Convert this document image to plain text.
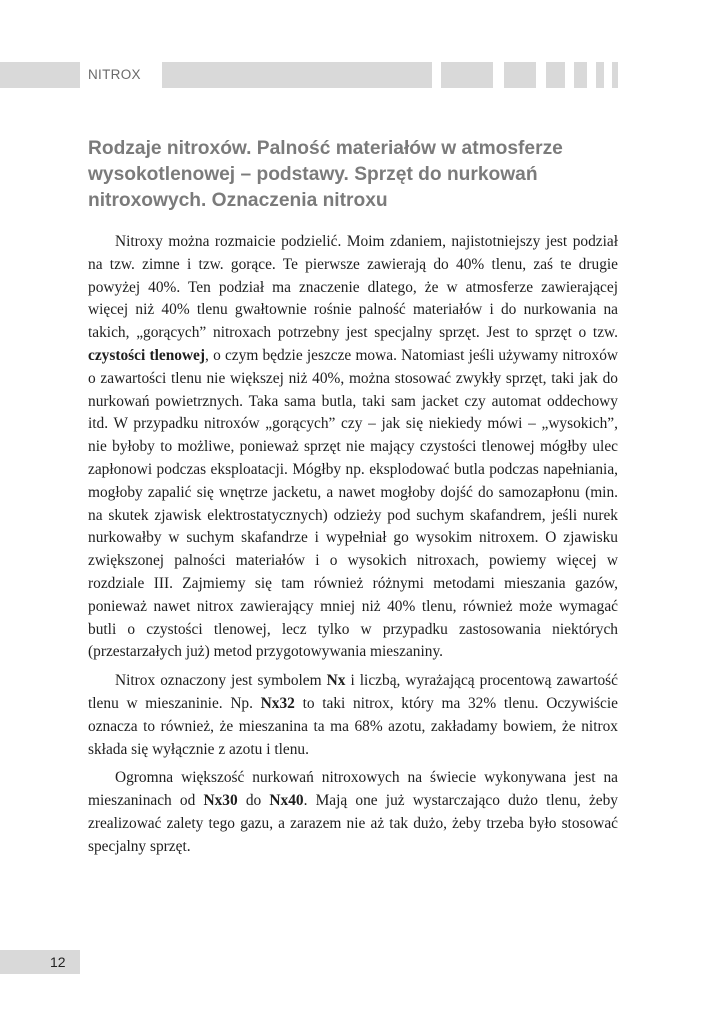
NITROX
Rodzaje nitroxów. Palność materiałów w atmosferze wysokotlenowej – podstawy. Sprzęt do nurkowań nitroxowych. Oznaczenia nitroxu

Nitroxy można rozmaicie podzielić. Moim zdaniem, najistotniejszy jest podział na tzw. zimne i tzw. gorące. Te pierwsze zawierają do 40% tlenu, zaś te drugie powyżej 40%. Ten podział ma znaczenie dlatego, że w atmosferze zawierającej więcej niż 40% tlenu gwałtownie rośnie palność materiałów i do nurkowania na takich, „gorących” nitroxach potrzebny jest specjalny sprzęt. Jest to sprzęt o tzw. czystości tlenowej, o czym będzie jeszcze mowa. Natomiast jeśli używamy nitroxów o zawartości tlenu nie większej niż 40%, można stosować zwykły sprzęt, taki jak do nurkowań powietrznych. Taka sama butla, taki sam jacket czy automat oddechowy itd. W przypadku nitroxów „gorących” czy – jak się niekiedy mówi – „wysokich”, nie byłoby to możliwe, ponieważ sprzęt nie mający czystości tlenowej mógłby ulec zapłonowi podczas eksploatacji. Mógłby np. eksplodować butla podczas napełniania, mogłoby zapalić się wnętrze jacketu, a nawet mogłoby dojść do samozapłonu (min. na skutek zjawisk elektrostatycznych) odzieży pod suchym skafandrem, jeśli nurek nurkowałby w suchym skafandrze i wypełniał go wysokim nitroxem. O zjawisku zwiększonej palności materiałów i o wysokich nitroxach, powiemy więcej w rozdziale III. Zajmiemy się tam również różnymi metodami mieszania gazów, ponieważ nawet nitrox zawierający mniej niż 40% tlenu, również może wymagać butli o czystości tlenowej, lecz tylko w przypadku zastosowania niektórych (przestarzałych już) metod przygotowywania mieszaniny.

Nitrox oznaczony jest symbolem Nx i liczbą, wyrażającą procentową zawartość tlenu w mieszaninie. Np. Nx32 to taki nitrox, który ma 32% tlenu. Oczywiście oznacza to również, że mieszanina ta ma 68% azotu, zakładamy bowiem, że nitrox składa się wyłącznie z azotu i tlenu.

Ogromna większość nurkowań nitroxowych na świecie wykonywana jest na mieszaninach od Nx30 do Nx40. Mają one już wystarczająco dużo tlenu, żeby zrealizować zalety tego gazu, a zarazem nie aż tak dużo, żeby trzeba było stosować specjalny sprzęt.

12
